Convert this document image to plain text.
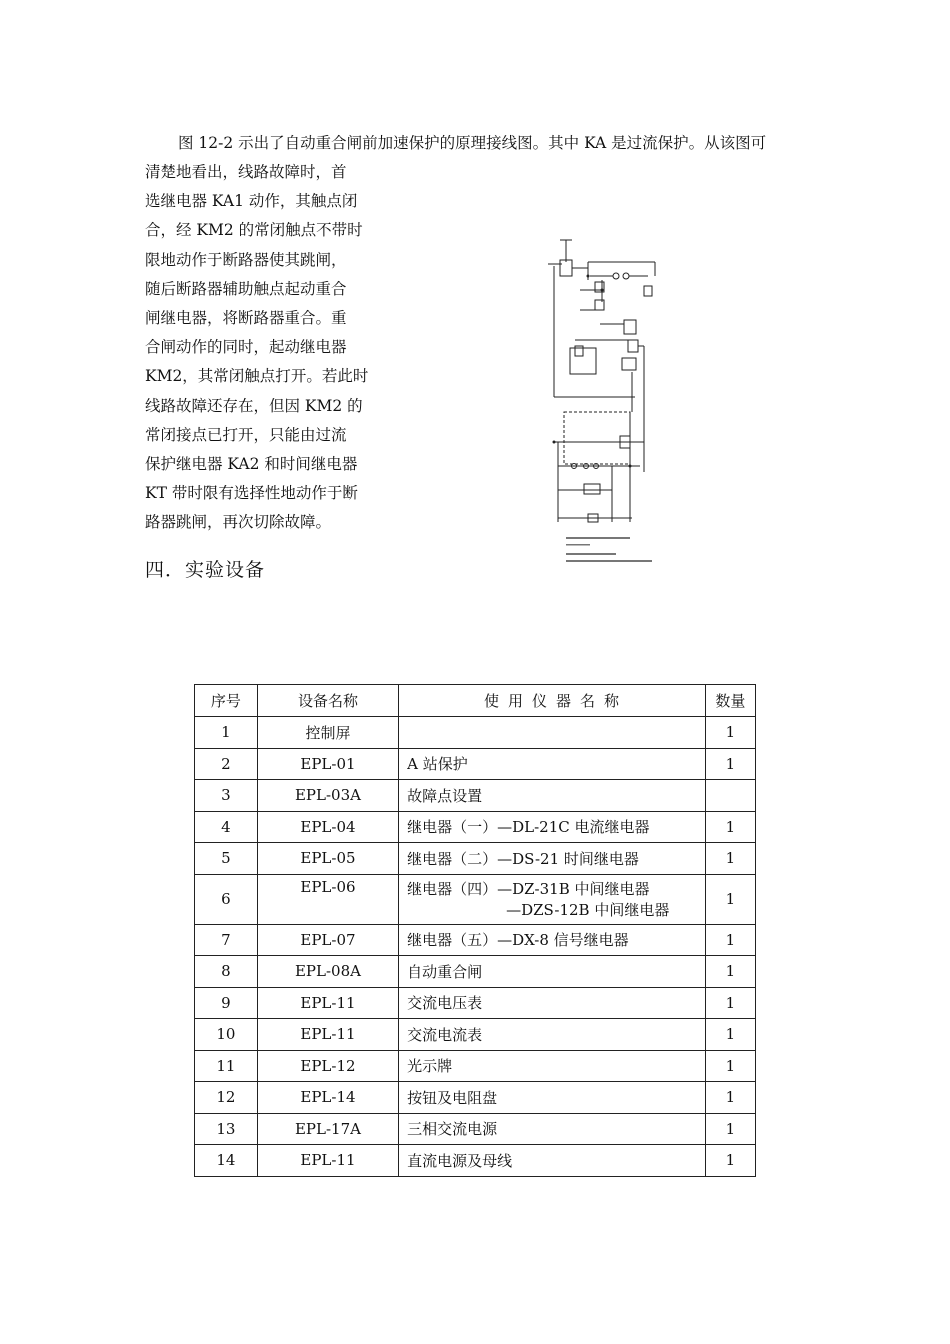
图 12-2 示出了自动重合闸前加速保护的原理接线图。其中 KA 是过流保护。从该图可
清楚地看出，线路故障时，首
选继电器 KA1 动作，其触点闭
合，经 KM2 的常闭触点不带时
限地动作于断路器使其跳闸，
随后断路器辅助触点起动重合
闸继电器，将断路器重合。重
合闸动作的同时，起动继电器
KM2，其常闭触点打开。若此时
线路故障还存在，但因 KM2 的
常闭接点已打开，只能由过流
保护继电器 KA2 和时间继电器
KT 带时限有选择性地动作于断
路器跳闸，再次切除故障。
四．实验设备
序号	设备名称	使用仪器名称	数量
1	控制屏		1
2	EPL-01	A 站保护	1
3	EPL-03A	故障点设置	
4	EPL-04	继电器（一）—DL-21C 电流继电器	1
5	EPL-05	继电器（二）—DS-21 时间继电器	1
6	EPL-06	继电器（四）—DZ-31B 中间继电器
—DZS-12B 中间继电器	1
7	EPL-07	继电器（五）—DX-8 信号继电器	1
8	EPL-08A	自动重合闸	1
9	EPL-11	交流电压表	1
10	EPL-11	交流电流表	1
11	EPL-12	光示牌	1
12	EPL-14	按钮及电阻盘	1
13	EPL-17A	三相交流电源	1
14	EPL-11	直流电源及母线	1
